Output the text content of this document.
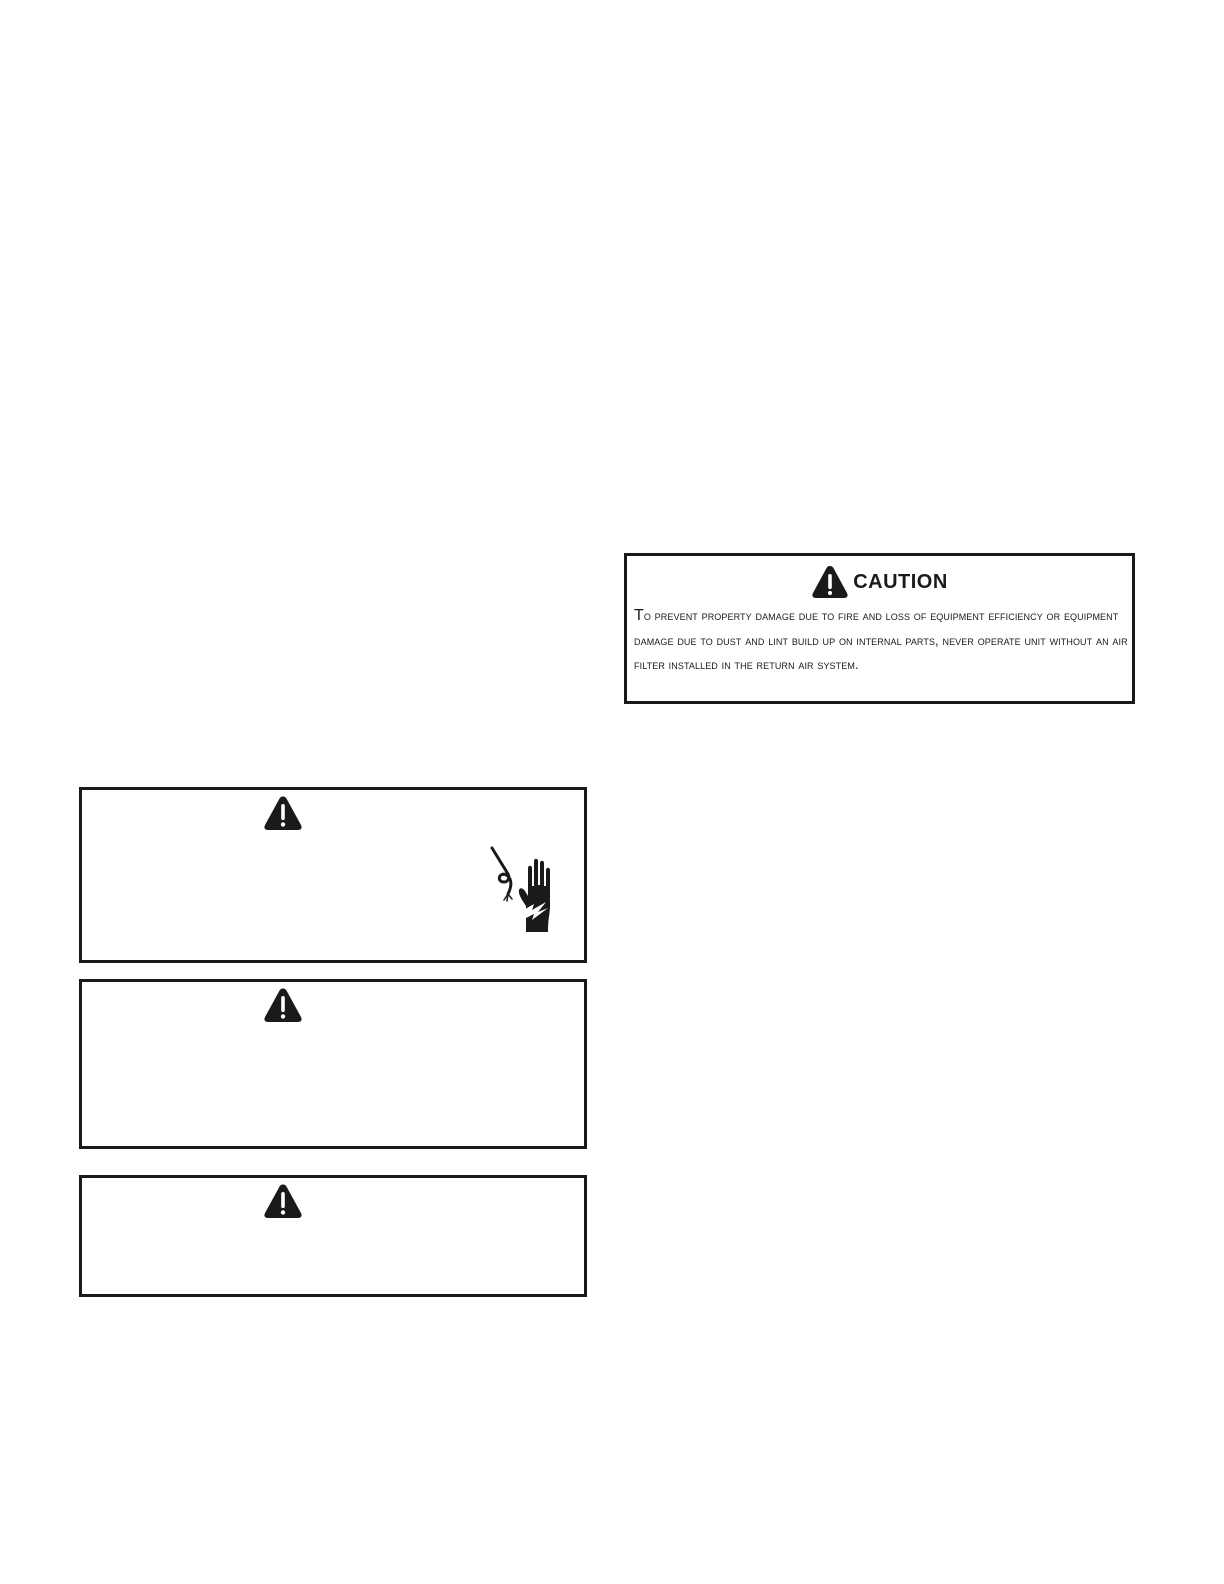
CAUTION
To prevent property damage due to fire and loss of equipment efficiency or equipment damage due to dust and lint build up on internal parts, never operate unit without an air filter installed in the return air system.
